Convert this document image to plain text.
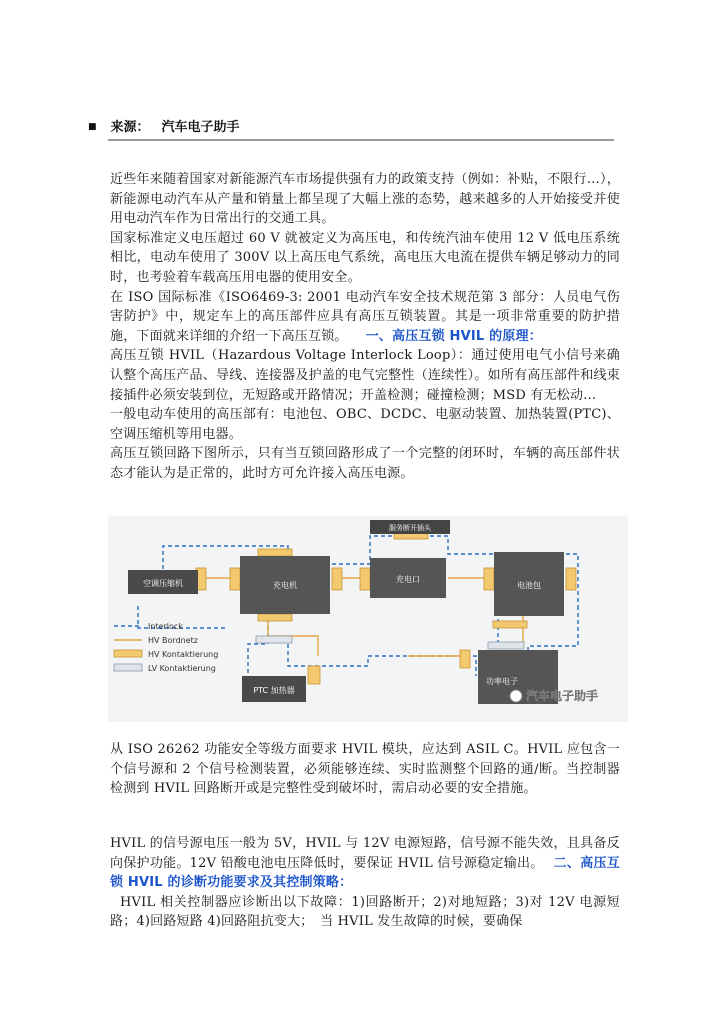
■ 来源： 汽车电子助手
近些年来随着国家对新能源汽车市场提供强有力的政策支持（例如：补贴，不限行…），新能源电动汽车从产量和销量上都呈现了大幅上涨的态势，越来越多的人开始接受并使用电动汽车作为日常出行的交通工具。
国家标准定义电压超过 60 V 就被定义为高压电，和传统汽油车使用 12 V 低电压系统相比，电动车使用了 300V 以上高压电气系统，高电压大电流在提供车辆足够动力的同时，也考验着车载高压用电器的使用安全。
在 ISO 国际标准《ISO6469-3: 2001 电动汽车安全技术规范第 3 部分：人员电气伤害防护》中，规定车上的高压部件应具有高压互锁装置。其是一项非常重要的防护措施，下面就来详细的介绍一下高压互锁。 一、高压互锁 HVIL 的原理：
高压互锁 HVIL（Hazardous Voltage Interlock Loop）：通过使用电气小信号来确认整个高压产品、导线、连接器及护盖的电气完整性（连续性）。如所有高压部件和线束接插件必须安装到位，无短路或开路情况；开盖检测；碰撞检测；MSD 有无松动…
一般电动车使用的高压部有：电池包、OBC、DCDC、电驱动装置、加热装置(PTC)、空调压缩机等用电器。
高压互锁回路下图所示，只有当互锁回路形成了一个完整的闭环时，车辆的高压部件状态才能认为是正常的，此时方可允许接入高压电源。
空调压缩机	充电机
充电口
服务断开插头
电池包
PTC 加热器
功率电子
Interlock
HV Bordnetz
HV Kontaktierung
LV Kontaktierung
汽车电子助手
从 ISO 26262 功能安全等级方面要求 HVIL 模块，应达到 ASIL C。HVIL 应包含一个信号源和 2 个信号检测装置，必须能够连续、实时监测整个回路的通/断。当控制器检测到 HVIL 回路断开或是完整性受到破坏时，需启动必要的安全措施。
HVIL 的信号源电压一般为 5V，HVIL 与 12V 电源短路，信号源不能失效，且具备反向保护功能。12V 铅酸电池电压降低时，要保证 HVIL 信号源稳定输出。 二、高压互锁 HVIL 的诊断功能要求及其控制策略：
HVIL 相关控制器应诊断出以下故障：1)回路断开；2)对地短路；3)对 12V 电源短路；4)回路短路 4)回路阻抗变大；　当 HVIL 发生故障的时候，要确保
